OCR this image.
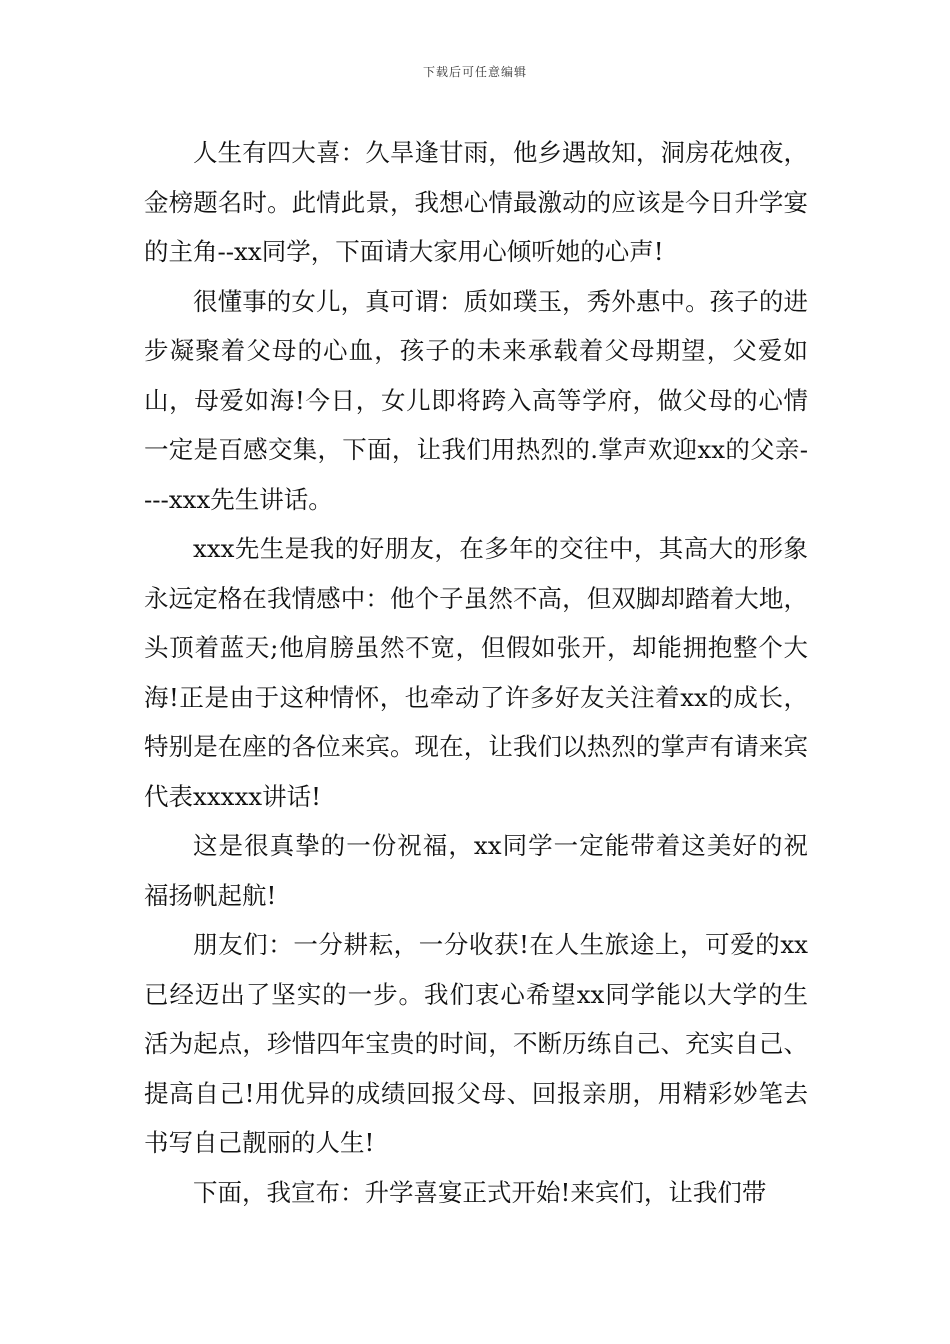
下载后可任意编辑

人生有四大喜：久旱逢甘雨，他乡遇故知，洞房花烛夜，金榜题名时。此情此景，我想心情最激动的应该是今日升学宴的主角--xx同学，下面请大家用心倾听她的心声!

很懂事的女儿，真可谓：质如璞玉，秀外惠中。孩子的进步凝聚着父母的心血，孩子的未来承载着父母期望，父爱如山，母爱如海!今日，女儿即将跨入高等学府，做父母的心情一定是百感交集，下面，让我们用热烈的.掌声欢迎xx的父亲----xxx先生讲话。

xxx先生是我的好朋友，在多年的交往中，其高大的形象永远定格在我情感中：他个子虽然不高，但双脚却踏着大地，头顶着蓝天;他肩膀虽然不宽，但假如张开，却能拥抱整个大海!正是由于这种情怀，也牵动了许多好友关注着xx的成长，特别是在座的各位来宾。现在，让我们以热烈的掌声有请来宾代表xxxxx讲话!

这是很真挚的一份祝福，xx同学一定能带着这美好的祝福扬帆起航!

朋友们：一分耕耘，一分收获!在人生旅途上，可爱的xx已经迈出了坚实的一步。我们衷心希望xx同学能以大学的生活为起点，珍惜四年宝贵的时间，不断历练自己、充实自己、提高自己!用优异的成绩回报父母、回报亲朋，用精彩妙笔去书写自己靓丽的人生!

下面，我宣布：升学喜宴正式开始!来宾们，让我们带
